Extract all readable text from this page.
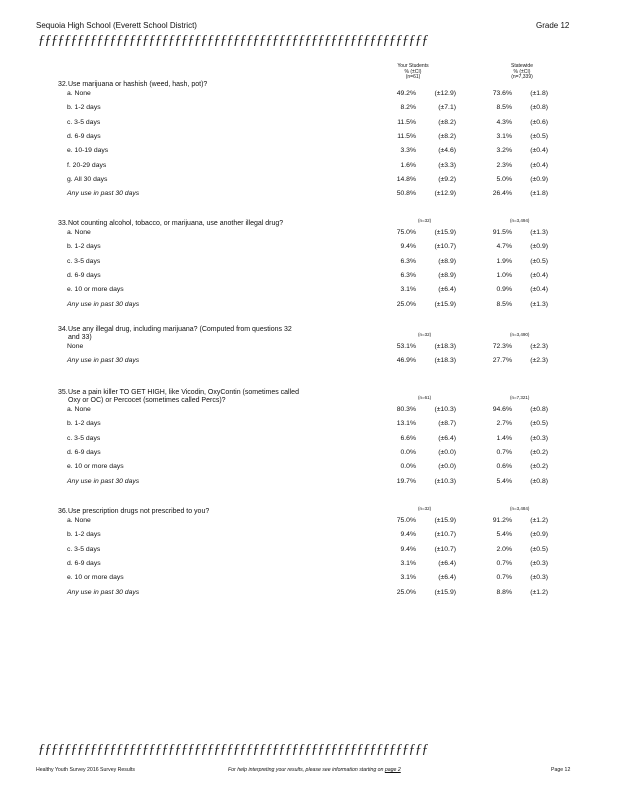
Sequoia High School (Everett School District)	Grade 12
ƒƒƒƒƒƒƒƒƒƒƒƒƒƒƒƒƒƒƒƒƒƒƒƒƒƒƒƒƒƒƒƒƒƒƒƒƒƒƒƒƒƒƒƒƒƒƒƒƒƒƒƒƒƒƒƒƒƒƒƒ
Your Students
% (±CI)
(n=61)
Statewide
% (±CI)
(n=7,339)
32. Use marijuana or hashish (weed, hash, pot)?
a. None	49.2%	(±12.9)	73.6%	(±1.8)
b. 1-2 days	8.2%	(±7.1)	8.5%	(±0.8)
c. 3-5 days	11.5%	(±8.2)	4.3%	(±0.6)
d. 6-9 days	11.5%	(±8.2)	3.1%	(±0.5)
e. 10-19 days	3.3%	(±4.6)	3.2%	(±0.4)
f. 20-29 days	1.6%	(±3.3)	2.3%	(±0.4)
g. All 30 days	14.8%	(±9.2)	5.0%	(±0.9)
Any use in past 30 days	50.8%	(±12.9)	26.4%	(±1.8)
(n=32)	(n=3,494)
33. Not counting alcohol, tobacco, or marijuana, use another illegal drug?
a. None	75.0%	(±15.9)	91.5%	(±1.3)
b. 1-2 days	9.4%	(±10.7)	4.7%	(±0.9)
c. 3-5 days	6.3%	(±8.9)	1.9%	(±0.5)
d. 6-9 days	6.3%	(±8.9)	1.0%	(±0.4)
e. 10 or more days	3.1%	(±6.4)	0.9%	(±0.4)
Any use in past 30 days	25.0%	(±15.9)	8.5%	(±1.3)
(n=32)	(n=3,490)
34. Use any illegal drug, including marijuana? (Computed from questions 32
and 33)
None	53.1%	(±18.3)	72.3%	(±2.3)
Any use in past 30 days	46.9%	(±18.3)	27.7%	(±2.3)
(n=61)	(n=7,321)
35. Use a pain killer TO GET HIGH, like Vicodin, OxyContin (sometimes called
Oxy or OC) or Percocet (sometimes called Percs)?
a. None	80.3%	(±10.3)	94.6%	(±0.8)
b. 1-2 days	13.1%	(±8.7)	2.7%	(±0.5)
c. 3-5 days	6.6%	(±6.4)	1.4%	(±0.3)
d. 6-9 days	0.0%	(±0.0)	0.7%	(±0.2)
e. 10 or more days	0.0%	(±0.0)	0.6%	(±0.2)
Any use in past 30 days	19.7%	(±10.3)	5.4%	(±0.8)
(n=32)	(n=3,484)
36. Use prescription drugs not prescribed to you?
a. None	75.0%	(±15.9)	91.2%	(±1.2)
b. 1-2 days	9.4%	(±10.7)	5.4%	(±0.9)
c. 3-5 days	9.4%	(±10.7)	2.0%	(±0.5)
d. 6-9 days	3.1%	(±6.4)	0.7%	(±0.3)
e. 10 or more days	3.1%	(±6.4)	0.7%	(±0.3)
Any use in past 30 days	25.0%	(±15.9)	8.8%	(±1.2)
ƒƒƒƒƒƒƒƒƒƒƒƒƒƒƒƒƒƒƒƒƒƒƒƒƒƒƒƒƒƒƒƒƒƒƒƒƒƒƒƒƒƒƒƒƒƒƒƒƒƒƒƒƒƒƒƒƒƒƒƒ
Healthy Youth Survey 2016 Survey Results	For help interpreting your results, please see information starting on page 2	Page 12
